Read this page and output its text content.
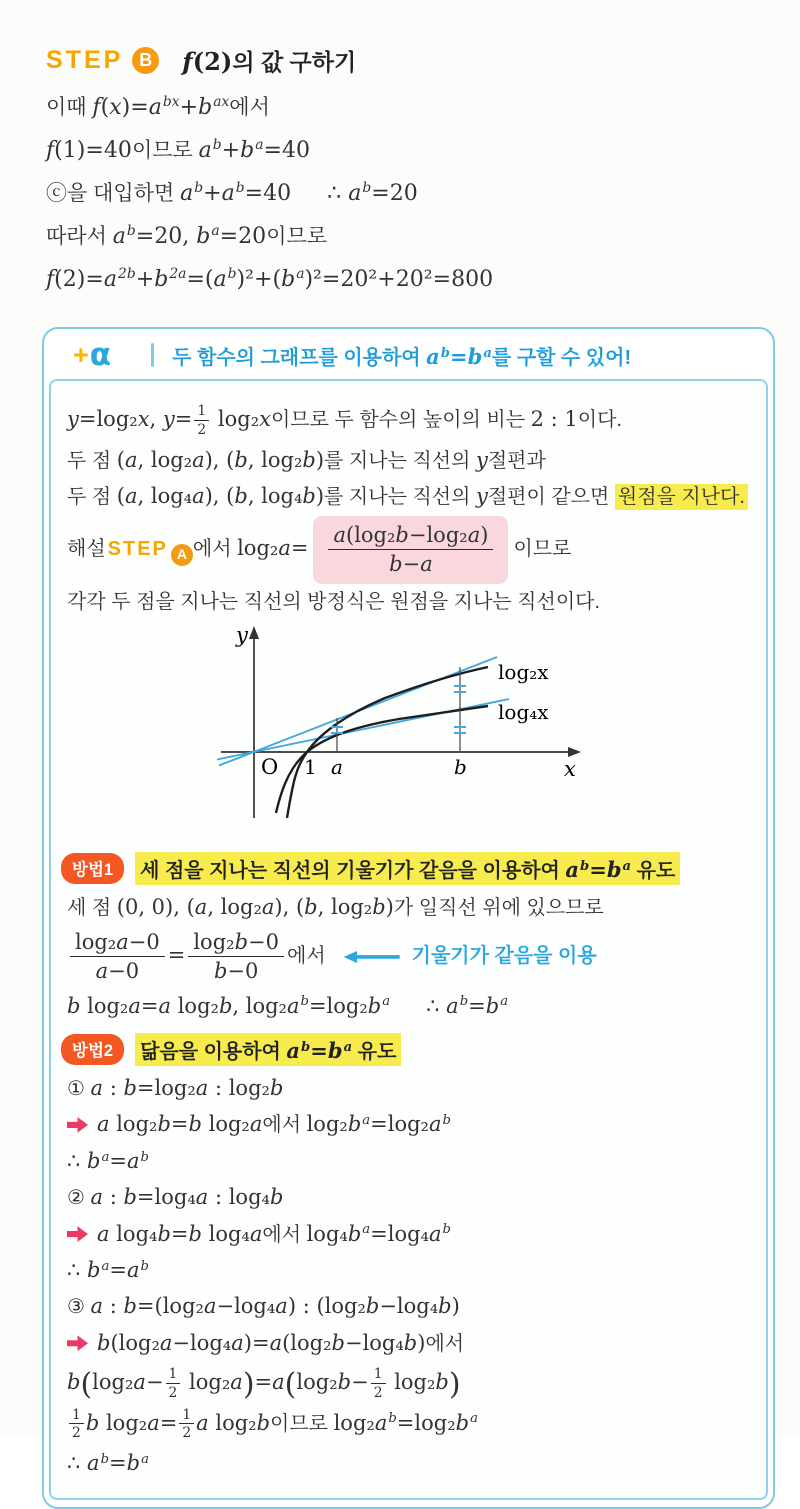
STEP B f(2)의 값 구하기
이때 $f(x)=a^{bx}+b^{ax}$에서
f(1)=40이므로 $a^b+b^a=40$
ⓒ을 대입하면 $a^b+a^b=40$ ∴ $a^b=20$
따라서 $a^b=20$, $b^a=20$이므로
$f(2)=a^{2b}+b^{2a}=(a^b)^2+(b^a)^2=20^2+20^2=800$
+ α	두 함수의 그래프를 이용하여 $a^b=b^a$를 구할 수 있어!
y=log₂x, $y= \frac{1}{2} \log_2x$이므로 두 함수의 높이의 비는 2 : 1이다.
두 점 (a, log₂a), (b, log₂b)를 지나는 직선의 y절편과
두 점 (a, log₄a), (b, log₄b)를 지나는 직선의 y절편이 같으면 원점을 지난다.
해설 STEP A 에서 $\log_2a= \frac{\text{a(log₂b−log₂a)}}{b-a}$ 이므로
각각 두 점을 지나는 직선의 방정식은 원점을 지나는 직선이다.
y
O 1 a	b	x
log₂x
log₄x
방법1	세 점을 지나는 직선의 기울기가 같음을 이용하여 $a^b=b^a$ 유도
세 점 (0, 0), (a, log₂a), (b, log₂b)가 일직선 위에 있으므로
$\frac{\text{log₂a−0}}{a-0} = \frac{\text{log₂b−0}}{b-0}$ 에서	기울기가 같음을 이용
b log₂a=a log₂b, $\log_2a^b=\log_2b^a$ ∴ $a^b=b^a$
방법2	닮음을 이용하여 $a^b=b^a$ 유도
① a : b=log₂a : log₂b
a log₂b=b log₂a에서 $\log_2b^a=\log_2a^b$
∴ $b^a=a^b$
② a : b=log₄a : log₄b
a log₄b=b log₄a에서 $\log_4b^a=\log_4a^b$
∴ $b^a=a^b$
③ a : b=(log₂a−log₄a) : (log₂b−log₄b)
b(log₂a−log₄a)=a(log₂b−log₄b)에서
$b(\log_2a- \frac{1}{2} \log_2a)=a(\log_2b- \frac{1}{2} \log_2b)$
$\frac{1}{2}$ b $\log_2a= \frac{1}{2}$ a log₂b이므로 $\log_2a^b=\log_2b^a$
∴ $a^b=b^a$
